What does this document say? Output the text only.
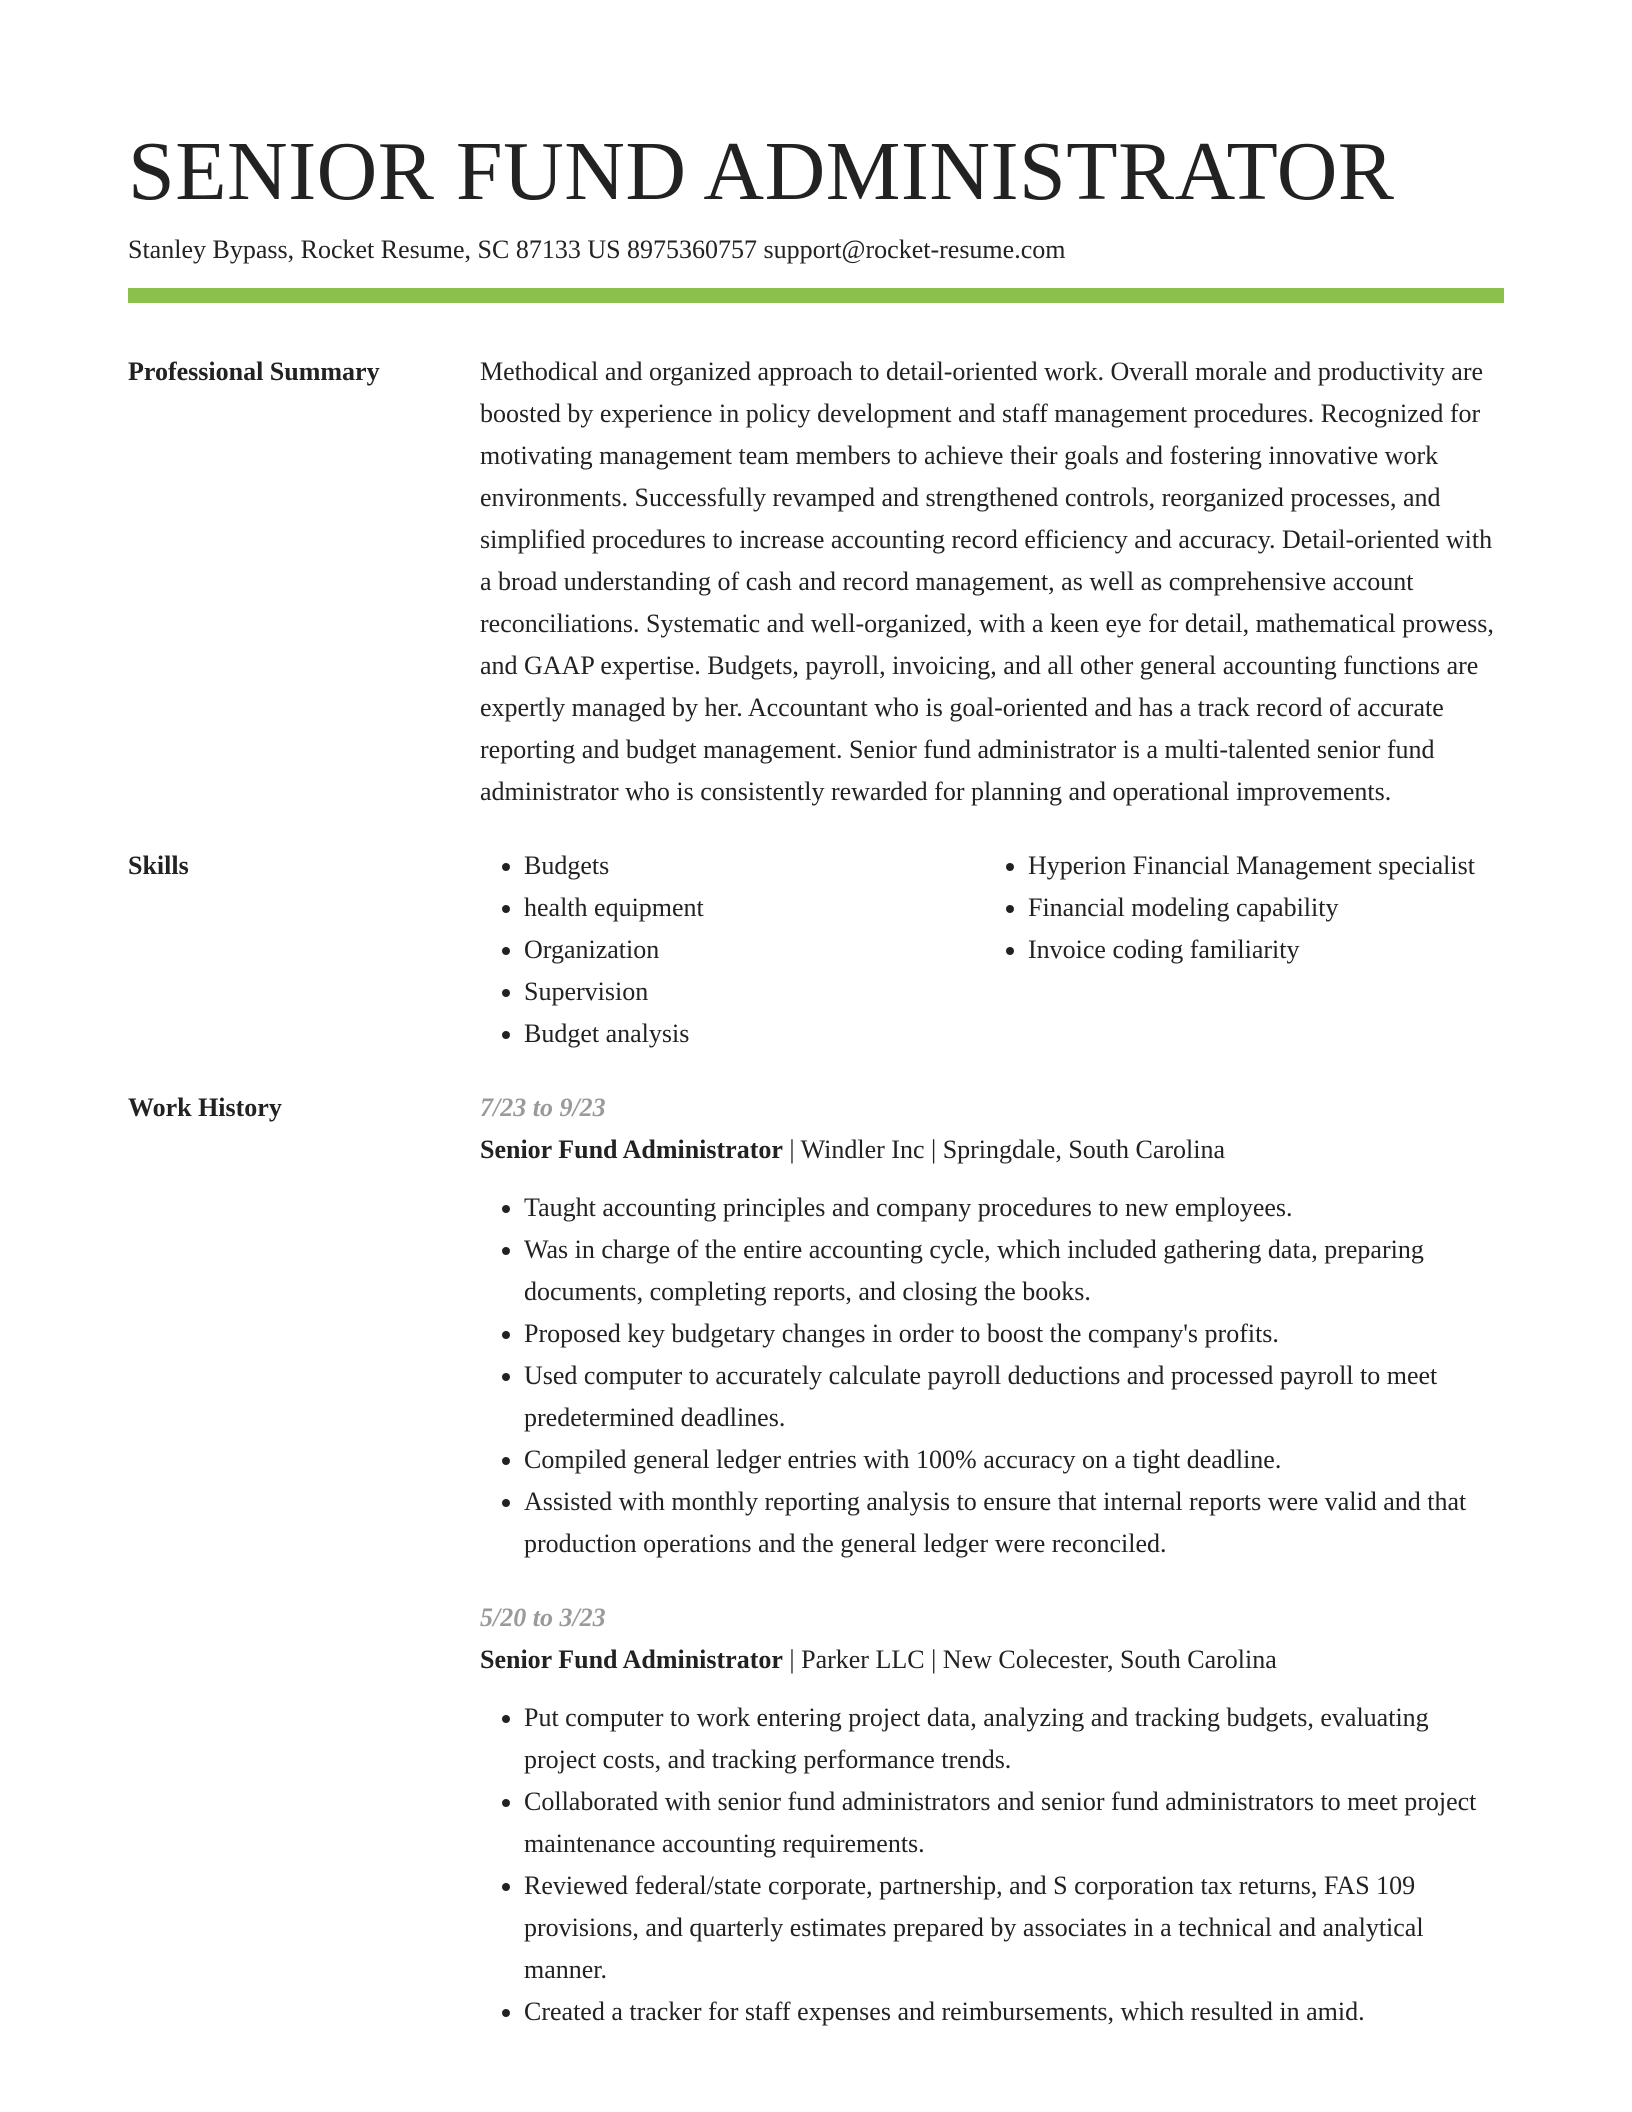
SENIOR FUND ADMINISTRATOR
Stanley Bypass, Rocket Resume, SC 87133 US 8975360757 support@rocket-resume.com
Professional Summary	Methodical and organized approach to detail-oriented work. Overall morale and productivity are boosted by experience in policy development and staff management procedures. Recognized for motivating management team members to achieve their goals and fostering innovative work environments. Successfully revamped and strengthened controls, reorganized processes, and simplified procedures to increase accounting record efficiency and accuracy. Detail-oriented with a broad understanding of cash and record management, as well as comprehensive account reconciliations. Systematic and well-organized, with a keen eye for detail, mathematical prowess, and GAAP expertise. Budgets, payroll, invoicing, and all other general accounting functions are expertly managed by her. Accountant who is goal-oriented and has a track record of accurate reporting and budget management. Senior fund administrator is a multi-talented senior fund administrator who is consistently rewarded for planning and operational improvements.

Skills
•	Budgets
• health equipment
• Organization
• Supervision
• Budget analysis
• Hyperion Financial Management specialist
• Financial modeling capability
• Invoice coding familiarity
Work History	7/23 to 9/23
Senior Fund Administrator | Windler Inc | Springdale, South Carolina
• Taught accounting principles and company procedures to new employees.
• Was in charge of the entire accounting cycle, which included gathering data, preparing documents, completing reports, and closing the books.
• Proposed key budgetary changes in order to boost the company's profits.
• Used computer to accurately calculate payroll deductions and processed payroll to meet predetermined deadlines.
• Compiled general ledger entries with 100% accuracy on a tight deadline.
• Assisted with monthly reporting analysis to ensure that internal reports were valid and that production operations and the general ledger were reconciled.
5/20 to 3/23
Senior Fund Administrator | Parker LLC | New Colecester, South Carolina
• Put computer to work entering project data, analyzing and tracking budgets, evaluating project costs, and tracking performance trends.
• Collaborated with senior fund administrators and senior fund administrators to meet project maintenance accounting requirements.
• Reviewed federal/state corporate, partnership, and S corporation tax returns, FAS 109 provisions, and quarterly estimates prepared by associates in a technical and analytical manner.
• Created a tracker for staff expenses and reimbursements, which resulted in amid.
